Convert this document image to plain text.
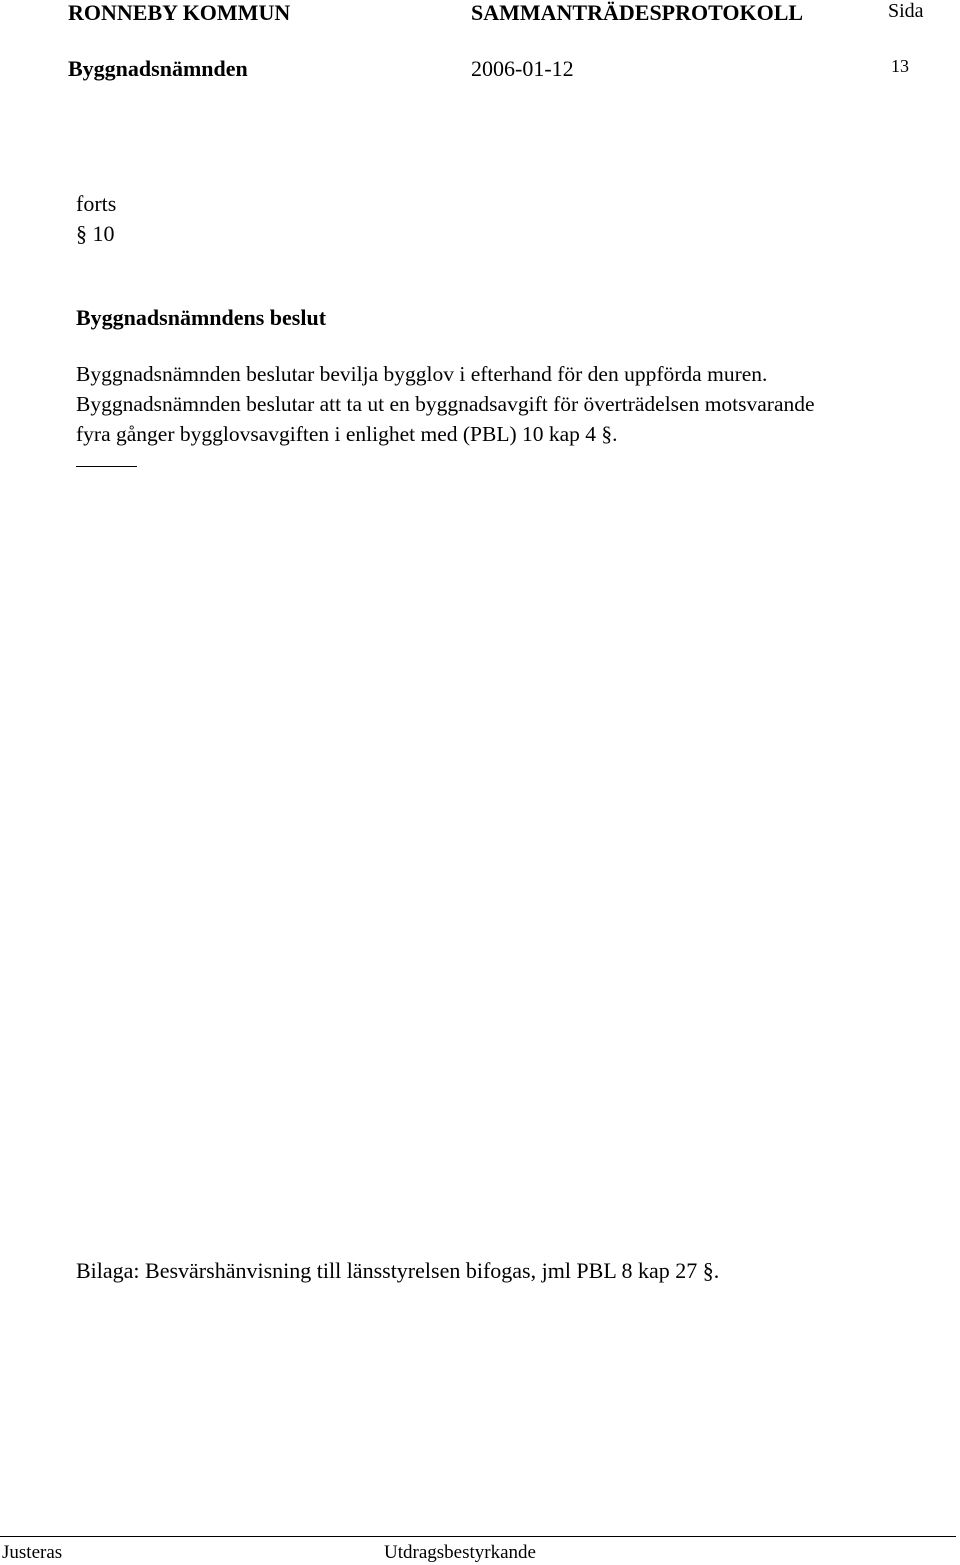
RONNEBY KOMMUN	SAMMANTRÄDESPROTOKOLL	Sida
Byggnadsnämnden	2006-01-12	13
forts
§ 10
Byggnadsnämndens beslut

Byggnadsnämnden beslutar bevilja bygglov i efterhand för den uppförda muren.

Byggnadsnämnden beslutar att ta ut en byggnadsavgift för överträdelsen motsvarande

fyra gånger bygglovsavgiften i enlighet med (PBL) 10 kap 4 §.

Bilaga: Besvärshänvisning till länsstyrelsen bifogas, jml PBL 8 kap 27 §.
Justeras	Utdragsbestyrkande
